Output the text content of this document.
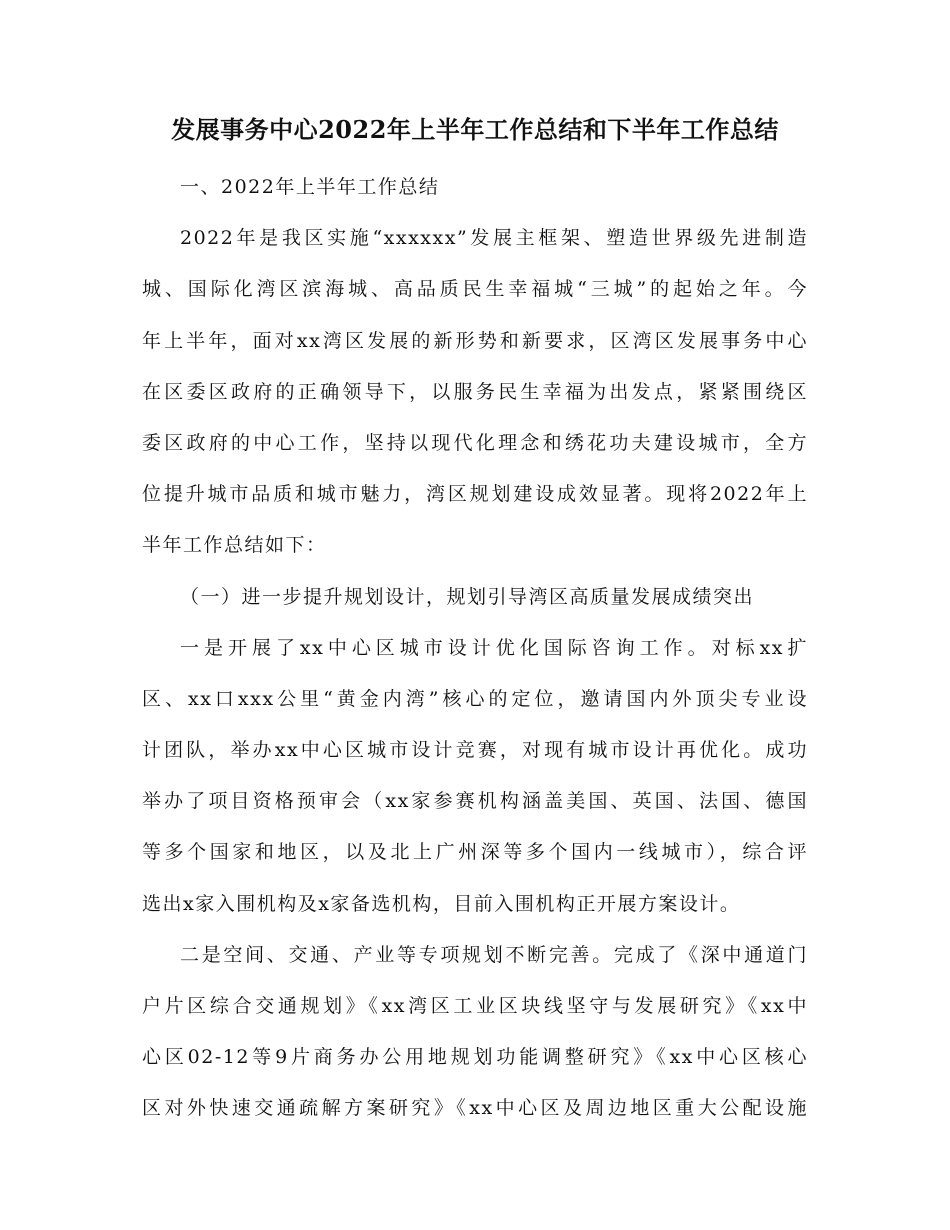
发展事务中心2022年上半年工作总结和下半年工作总结
一、2022年上半年工作总结
2022年是我区实施“xxxxxx”发展主框架、塑造世界级先进制造
城、国际化湾区滨海城、高品质民生幸福城“三城”的起始之年。今
年上半年，面对xx湾区发展的新形势和新要求，区湾区发展事务中心
在区委区政府的正确领导下，以服务民生幸福为出发点，紧紧围绕区
委区政府的中心工作，坚持以现代化理念和绣花功夫建设城市，全方
位提升城市品质和城市魅力，湾区规划建设成效显著。现将2022年上
半年工作总结如下：
（一）进一步提升规划设计，规划引导湾区高质量发展成绩突出
一是开展了xx中心区城市设计优化国际咨询工作。对标xx扩
区、xx口xxx公里“黄金内湾”核心的定位，邀请国内外顶尖专业设
计团队，举办xx中心区城市设计竞赛，对现有城市设计再优化。成功
举办了项目资格预审会（xx家参赛机构涵盖美国、英国、法国、德国
等多个国家和地区，以及北上广州深等多个国内一线城市），综合评
选出x家入围机构及x家备选机构，目前入围机构正开展方案设计。
二是空间、交通、产业等专项规划不断完善。完成了《深中通道门
户片区综合交通规划》《xx湾区工业区块线坚守与发展研究》《xx中
心区02-12等9片商务办公用地规划功能调整研究》《xx中心区核心
区对外快速交通疏解方案研究》《xx中心区及周边地区重大公配设施
